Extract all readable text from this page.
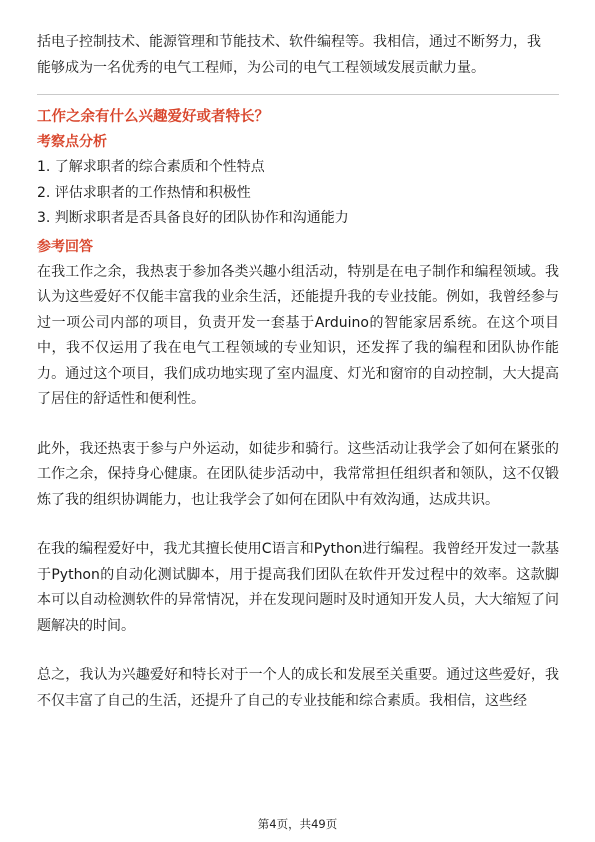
括电子控制技术、能源管理和节能技术、软件编程等。我相信，通过不断努力，我
能够成为一名优秀的电气工程师，为公司的电气工程领域发展贡献力量。

工作之余有什么兴趣爱好或者特长？

考察点分析

1. 了解求职者的综合素质和个性特点

2. 评估求职者的工作热情和积极性

3. 判断求职者是否具备良好的团队协作和沟通能力

参考回答

在我工作之余，我热衷于参加各类兴趣小组活动，特别是在电子制作和编程领域。我认为这些爱好不仅能丰富我的业余生活，还能提升我的专业技能。例如，我曾经参与过一项公司内部的项目，负责开发一套基于Arduino的智能家居系统。在这个项目中，我不仅运用了我在电气工程领域的专业知识，还发挥了我的编程和团队协作能力。通过这个项目，我们成功地实现了室内温度、灯光和窗帘的自动控制，大大提高了居住的舒适性和便利性。

此外，我还热衷于参与户外运动，如徒步和骑行。这些活动让我学会了如何在紧张的工作之余，保持身心健康。在团队徒步活动中，我常常担任组织者和领队，这不仅锻炼了我的组织协调能力，也让我学会了如何在团队中有效沟通，达成共识。

在我的编程爱好中，我尤其擅长使用C语言和Python进行编程。我曾经开发过一款基于Python的自动化测试脚本，用于提高我们团队在软件开发过程中的效率。这款脚本可以自动检测软件的异常情况，并在发现问题时及时通知开发人员，大大缩短了问题解决的时间。

总之，我认为兴趣爱好和特长对于一个人的成长和发展至关重要。通过这些爱好，我不仅丰富了自己的生活，还提升了自己的专业技能和综合素质。我相信，这些经

第4页，共49页
